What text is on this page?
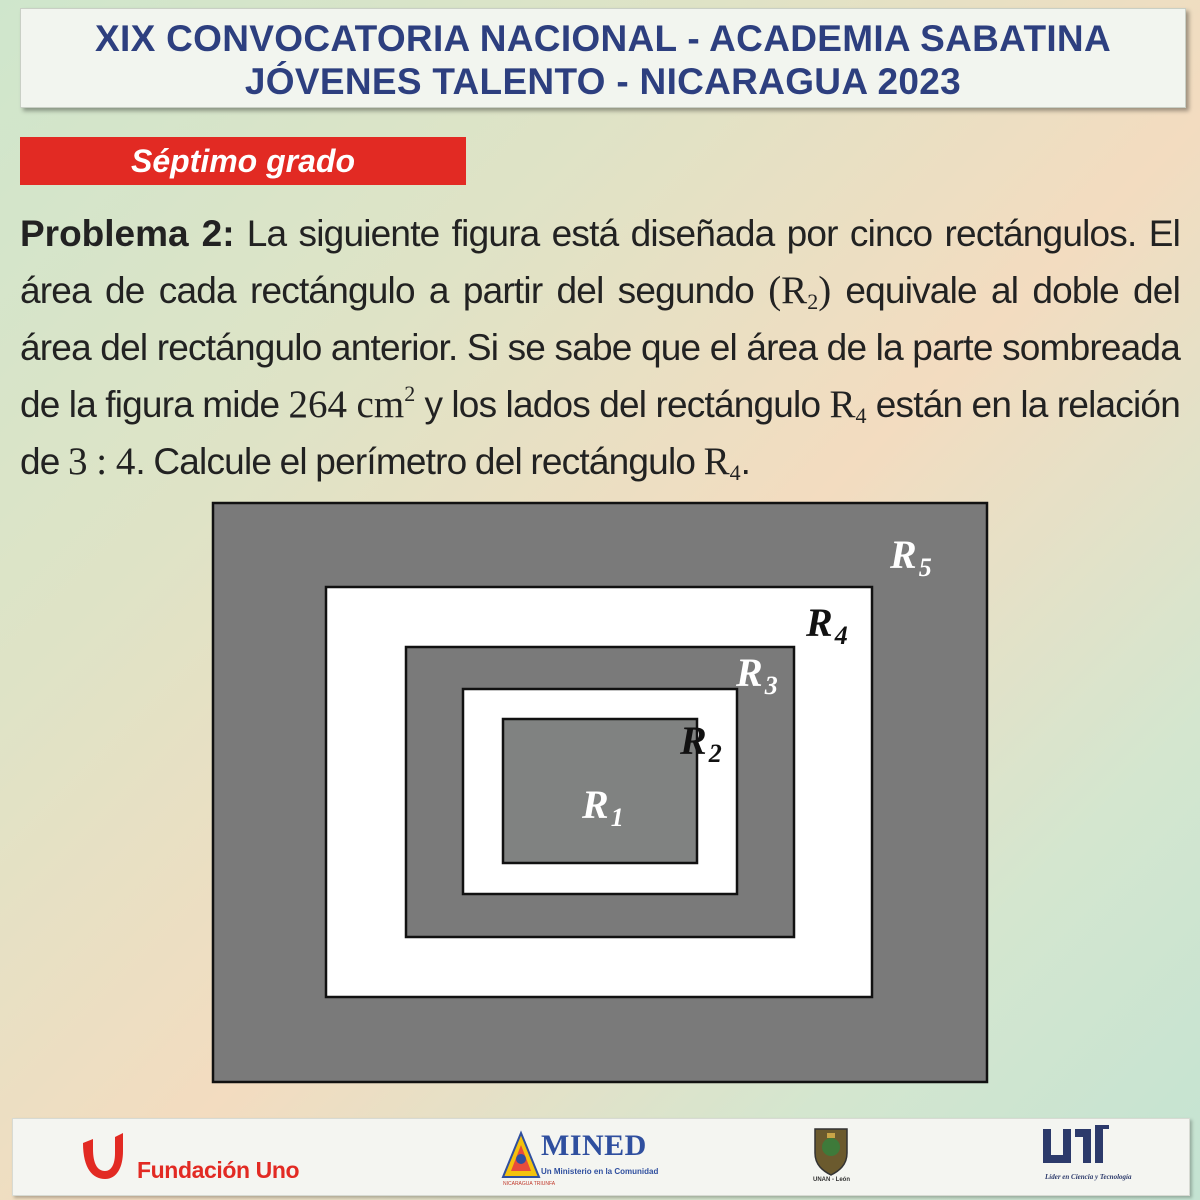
XIX CONVOCATORIA NACIONAL - ACADEMIA SABATINA
JÓVENES TALENTO - NICARAGUA 2023
Séptimo grado
Problema 2: La siguiente figura está diseñada por cinco rectángulos. El área de cada rectángulo a partir del segundo $(R_2)$ equivale al doble del área del rectángulo anterior. Si se sabe que el área de la parte sombreada de la figura mide 264 $cm^2$ y los lados del rectángulo $R_4$ están en la relación de 3 : 4. Calcule el perímetro del rectángulo $R_4$.
$R_5$
$R_4$
$R_3$
$R_2$
$R_1$
Fundación Uno
MINED
Un Ministerio en la Comunidad
NICARAGUA TRIUNFA
UNAN - León	Líder en Ciencia y Tecnología
